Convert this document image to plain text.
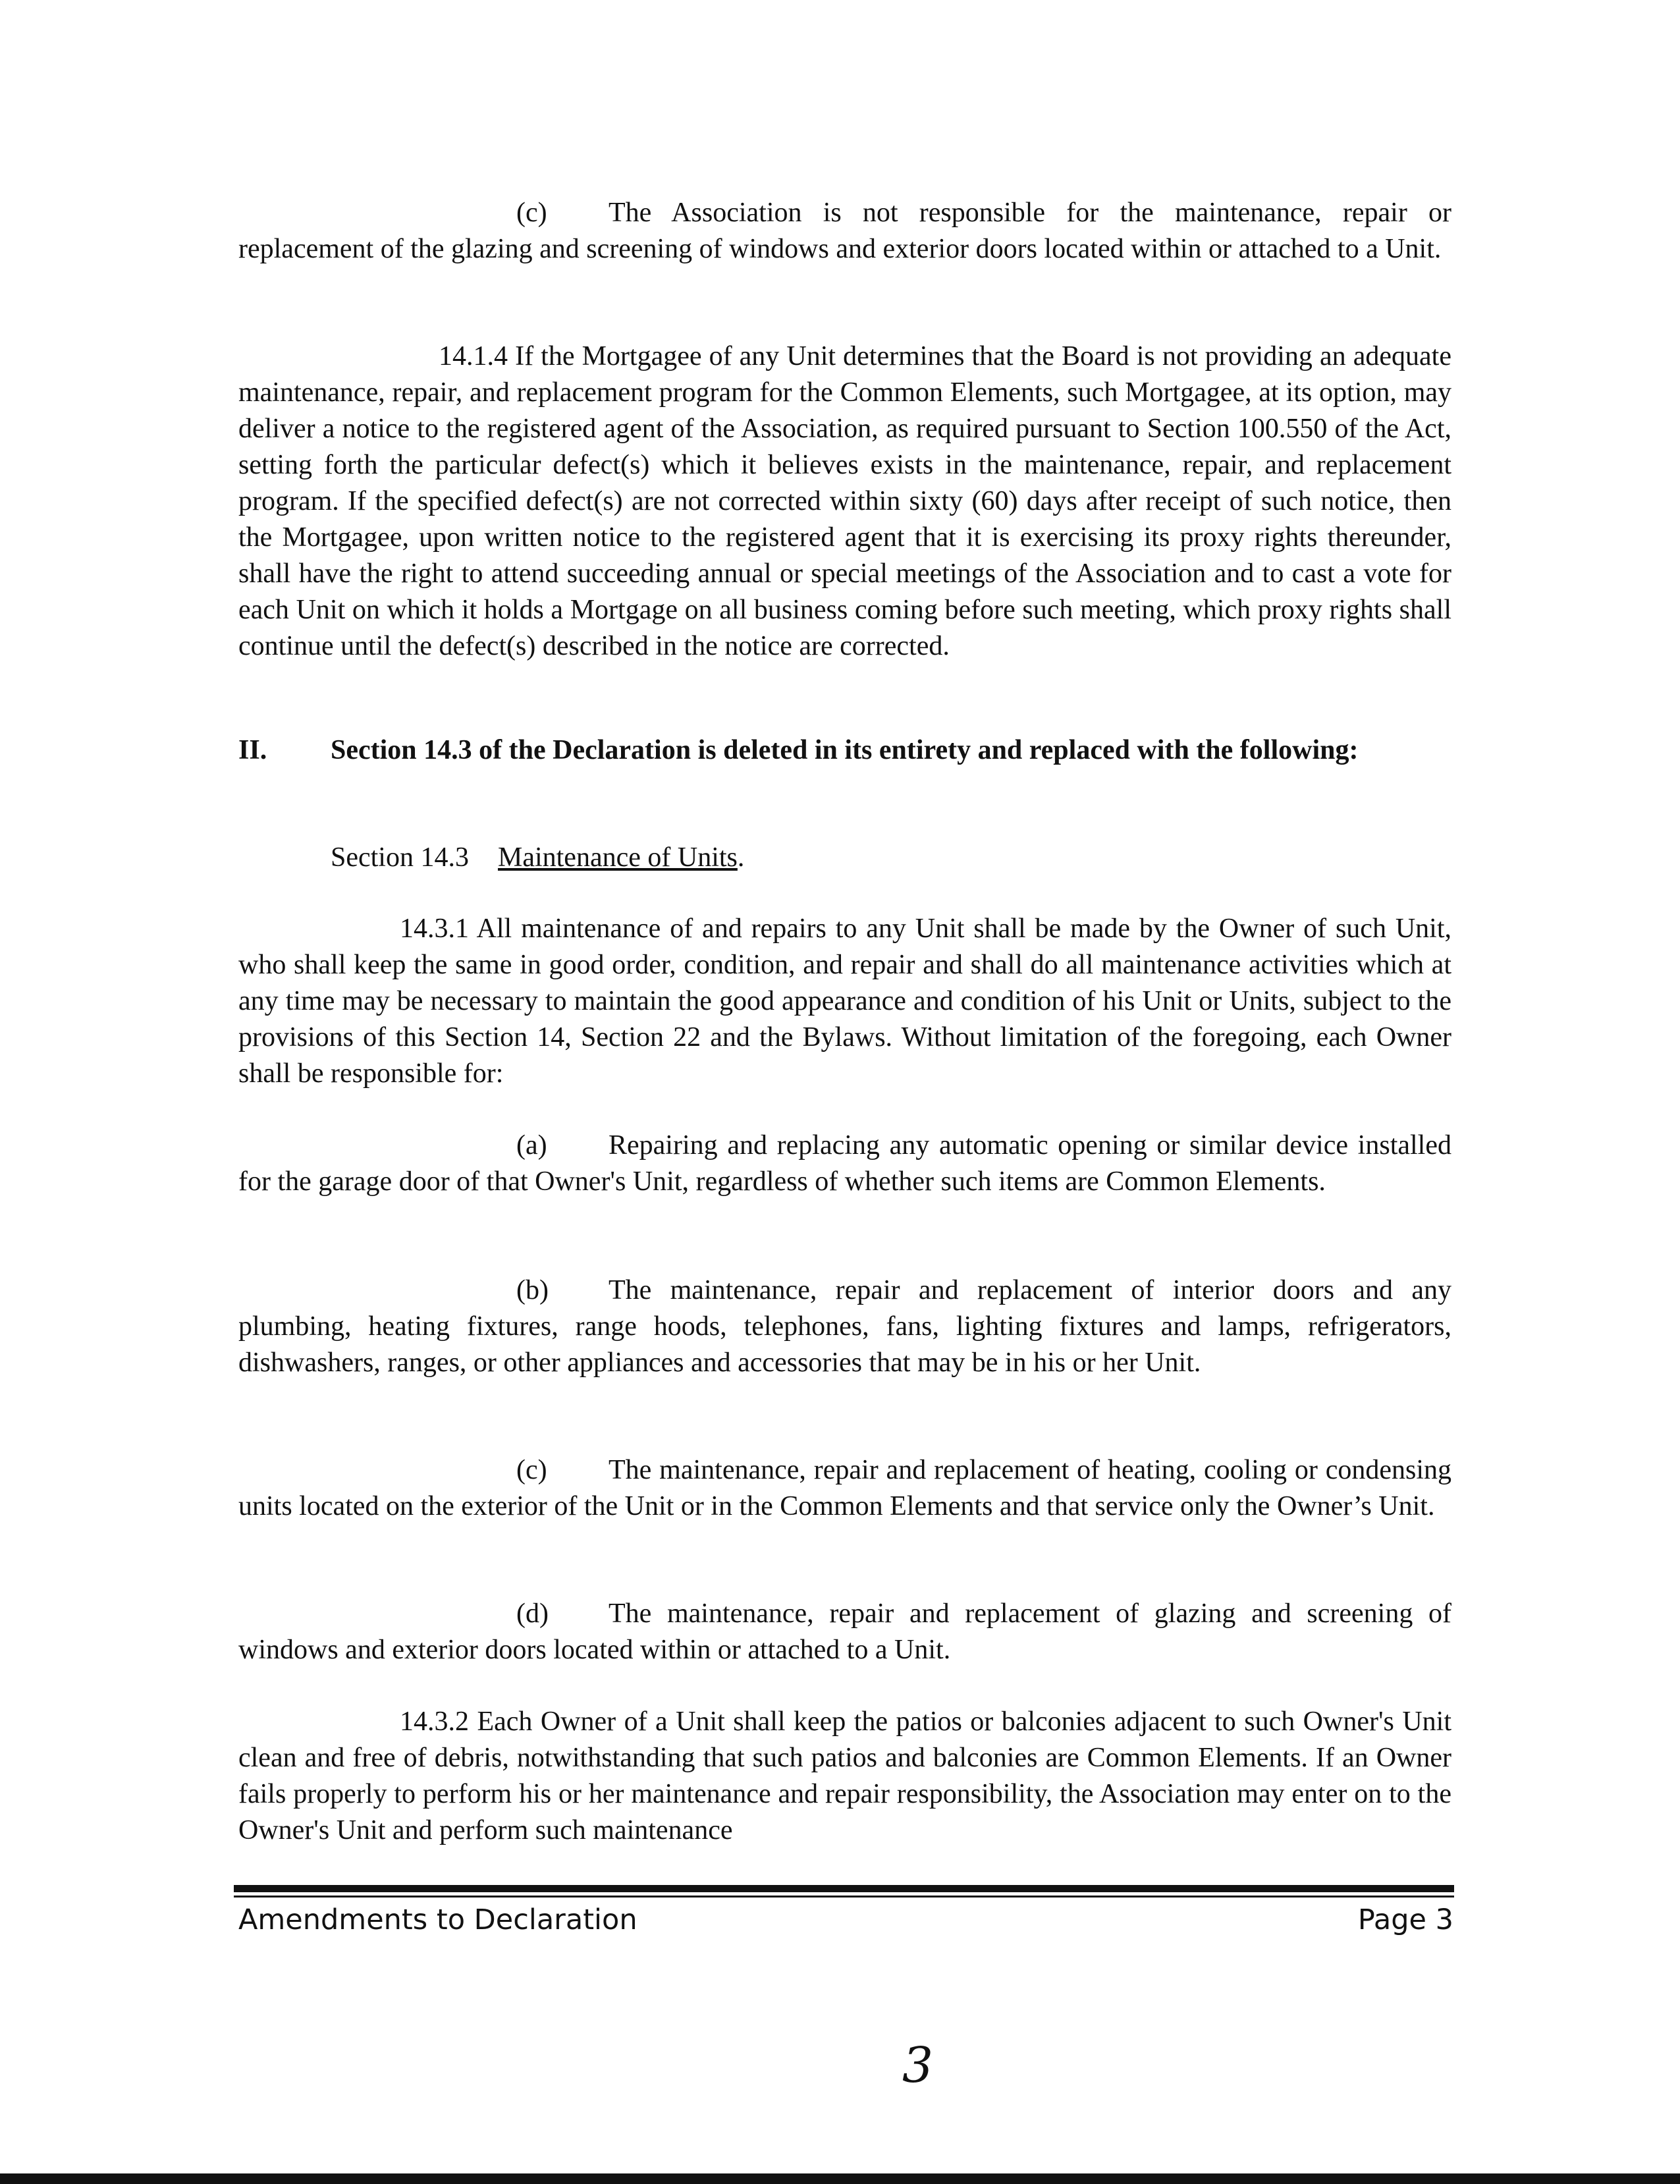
(c) The Association is not responsible for the maintenance, repair or replacement of the glazing and screening of windows and exterior doors located within or attached to a Unit.

14.1.4 If the Mortgagee of any Unit determines that the Board is not providing an adequate maintenance, repair, and replacement program for the Common Elements, such Mortgagee, at its option, may deliver a notice to the registered agent of the Association, as required pursuant to Section 100.550 of the Act, setting forth the particular defect(s) which it believes exists in the maintenance, repair, and replacement program. If the specified defect(s) are not corrected within sixty (60) days after receipt of such notice, then the Mortgagee, upon written notice to the registered agent that it is exercising its proxy rights thereunder, shall have the right to attend succeeding annual or special meetings of the Association and to cast a vote for each Unit on which it holds a Mortgage on all business coming before such meeting, which proxy rights shall continue until the defect(s) described in the notice are corrected.

II. Section 14.3 of the Declaration is deleted in its entirety and replaced with the following:

Section 14.3 Maintenance of Units.

14.3.1 All maintenance of and repairs to any Unit shall be made by the Owner of such Unit, who shall keep the same in good order, condition, and repair and shall do all maintenance activities which at any time may be necessary to maintain the good appearance and condition of his Unit or Units, subject to the provisions of this Section 14, Section 22 and the Bylaws. Without limitation of the foregoing, each Owner shall be responsible for:

(a) Repairing and replacing any automatic opening or similar device installed for the garage door of that Owner's Unit, regardless of whether such items are Common Elements.

(b) The maintenance, repair and replacement of interior doors and any plumbing, heating fixtures, range hoods, telephones, fans, lighting fixtures and lamps, refrigerators, dishwashers, ranges, or other appliances and accessories that may be in his or her Unit.

(c) The maintenance, repair and replacement of heating, cooling or condensing units located on the exterior of the Unit or in the Common Elements and that service only the Owner’s Unit.

(d) The maintenance, repair and replacement of glazing and screening of windows and exterior doors located within or attached to a Unit.

14.3.2 Each Owner of a Unit shall keep the patios or balconies adjacent to such Owner's Unit clean and free of debris, notwithstanding that such patios and balconies are Common Elements. If an Owner fails properly to perform his or her maintenance and repair responsibility, the Association may enter on to the Owner's Unit and perform such maintenance

Amendments to Declaration	Page 3
3
